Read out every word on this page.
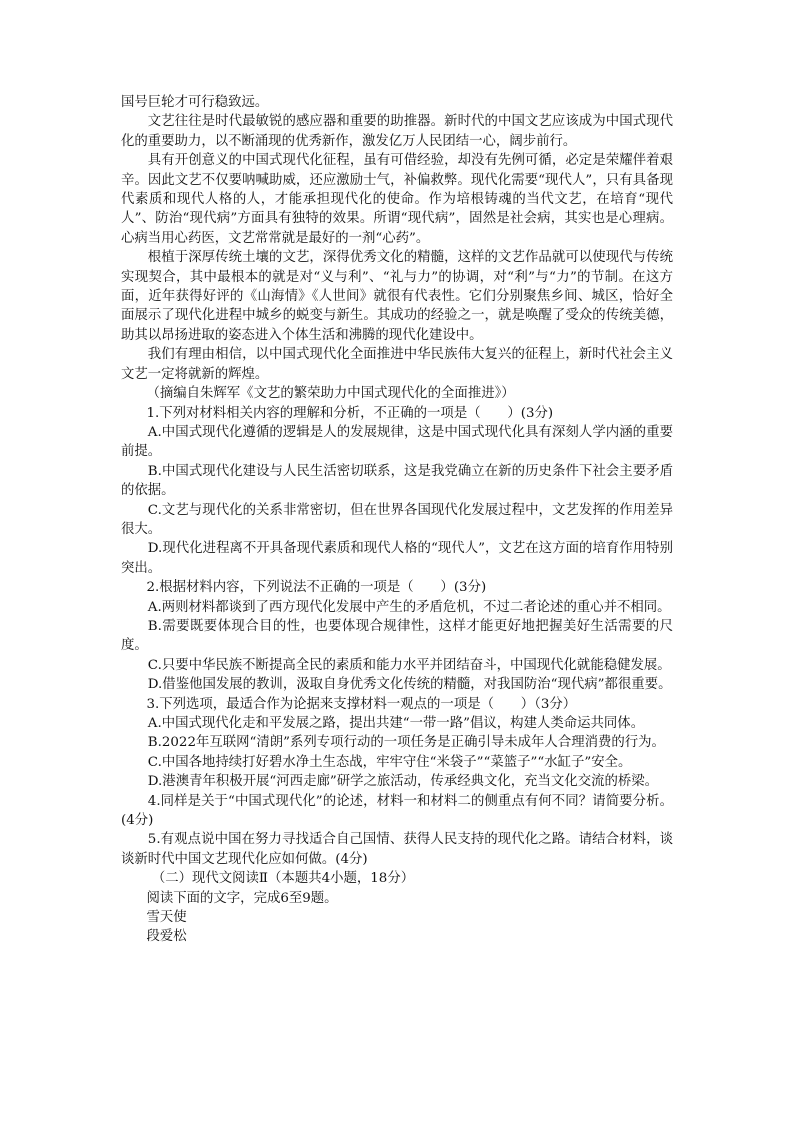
国号巨轮才可行稳致远。

文艺往往是时代最敏锐的感应器和重要的助推器。新时代的中国文艺应该成为中国式现代化的重要助力，以不断涌现的优秀新作，激发亿万人民团结一心，阔步前行。

具有开创意义的中国式现代化征程，虽有可借经验，却没有先例可循，必定是荣耀伴着艰辛。因此文艺不仅要呐喊助威，还应激励士气，补偏救弊。现代化需要“现代人”，只有具备现代素质和现代人格的人，才能承担现代化的使命。作为培根铸魂的当代文艺，在培育“现代人”、防治“现代病”方面具有独特的效果。所谓“现代病”，固然是社会病，其实也是心理病。心病当用心药医，文艺常常就是最好的一剂“心药”。

根植于深厚传统土壤的文艺，深得优秀文化的精髓，这样的文艺作品就可以使现代与传统实现契合，其中最根本的就是对“义与利”、“礼与力”的协调，对“利”与“力”的节制。在这方面，近年获得好评的《山海情》《人世间》就很有代表性。它们分别聚焦乡间、城区，恰好全面展示了现代化进程中城乡的蜕变与新生。其成功的经验之一，就是唤醒了受众的传统美德，助其以昂扬进取的姿态进入个体生活和沸腾的现代化建设中。

我们有理由相信，以中国式现代化全面推进中华民族伟大复兴的征程上，新时代社会主义文艺一定将就新的辉煌。

（摘编自朱辉军《文艺的繁荣助力中国式现代化的全面推进》）

1.下列对材料相关内容的理解和分析，不正确的一项是（　　）(3分)

A.中国式现代化遵循的逻辑是人的发展规律，这是中国式现代化具有深刻人学内涵的重要前提。

B.中国式现代化建设与人民生活密切联系，这是我党确立在新的历史条件下社会主要矛盾的依据。

C.文艺与现代化的关系非常密切，但在世界各国现代化发展过程中，文艺发挥的作用差异很大。

D.现代化进程离不开具备现代素质和现代人格的“现代人”，文艺在这方面的培育作用特别突出。

2.根据材料内容，下列说法不正确的一项是（　　）(3分)

A.两则材料都谈到了西方现代化发展中产生的矛盾危机，不过二者论述的重心并不相同。

B.需要既要体现合目的性，也要体现合规律性，这样才能更好地把握美好生活需要的尺度。

C.只要中华民族不断提高全民的素质和能力水平并团结奋斗，中国现代化就能稳健发展。

D.借鉴他国发展的教训，汲取自身优秀文化传统的精髓，对我国防治“现代病”都很重要。

3.下列选项，最适合作为论据来支撑材料一观点的一项是（　　）（3分）

A.中国式现代化走和平发展之路，提出共建“一带一路”倡议，构建人类命运共同体。

B.2022年互联网“清朗”系列专项行动的一项任务是正确引导未成年人合理消费的行为。

C.中国各地持续打好碧水净土生态战，牢牢守住“米袋子”“菜篮子”“水缸子”安全。

D.港澳青年积极开展“河西走廊”研学之旅活动，传承经典文化，充当文化交流的桥梁。

4.同样是关于“中国式现代化”的论述，材料一和材料二的侧重点有何不同？请简要分析。(4分)

5.有观点说中国在努力寻找适合自己国情、获得人民支持的现代化之路。请结合材料，谈谈新时代中国文艺现代化应如何做。(4分)

（二）现代文阅读Ⅱ（本题共4小题，18分）

阅读下面的文字，完成6至9题。

雪天使

段爱松
